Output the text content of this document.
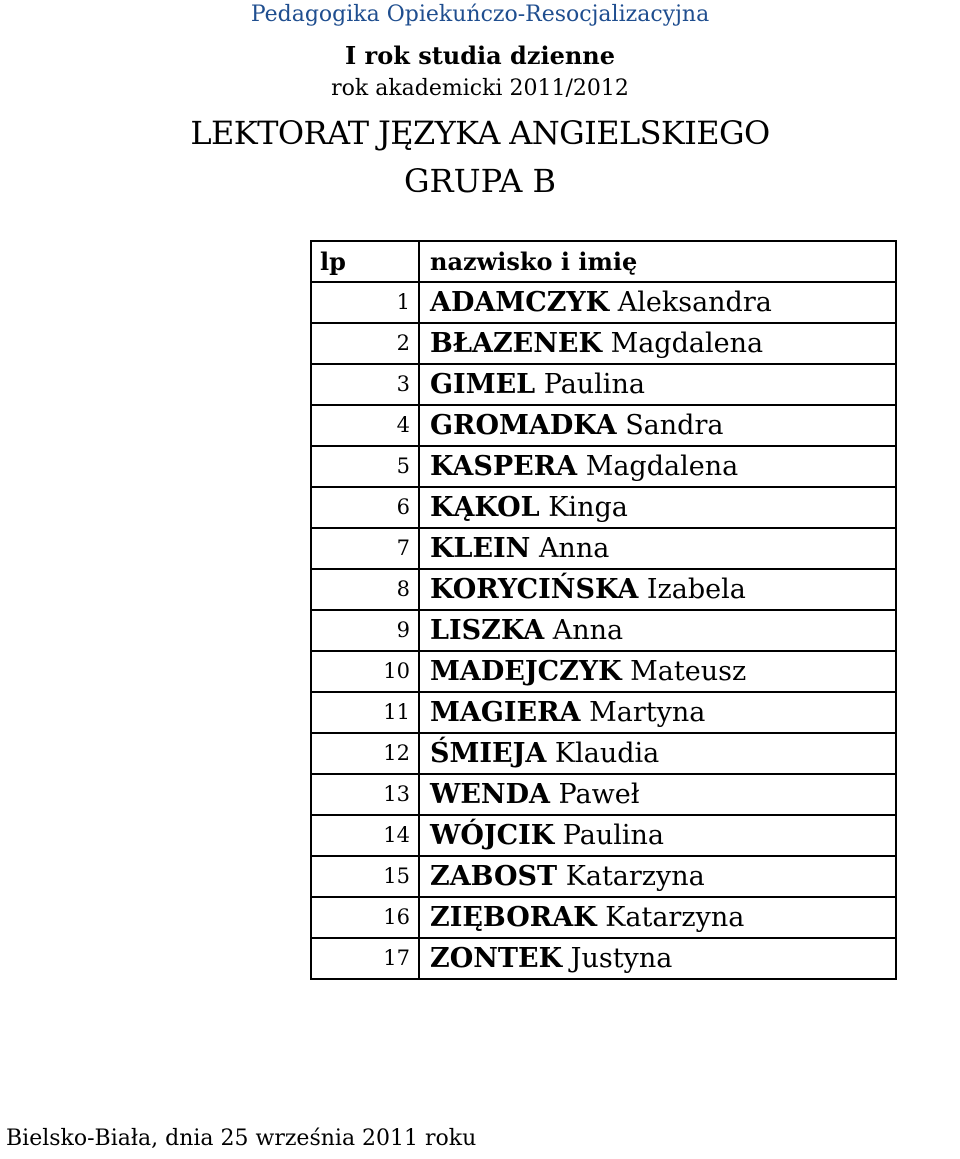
Pedagogika Opiekuńczo-Resocjalizacyjna
I rok studia dzienne
rok akademicki 2011/2012
LEKTORAT JĘZYKA ANGIELSKIEGO
GRUPA B
lp	nazwisko i imię
1	ADAMCZYK Aleksandra
2	BŁAZENEK Magdalena
3	GIMEL Paulina
4	GROMADKA Sandra
5	KASPERA Magdalena
6	KĄKOL Kinga
7	KLEIN Anna
8	KORYCIŃSKA Izabela
9	LISZKA Anna
10	MADEJCZYK Mateusz
11	MAGIERA Martyna
12	ŚMIEJA Klaudia
13	WENDA Paweł
14	WÓJCIK Paulina
15	ZABOST Katarzyna
16	ZIĘBORAK Katarzyna
17	ZONTEK Justyna
Bielsko-Biała, dnia 25 września 2011 roku
